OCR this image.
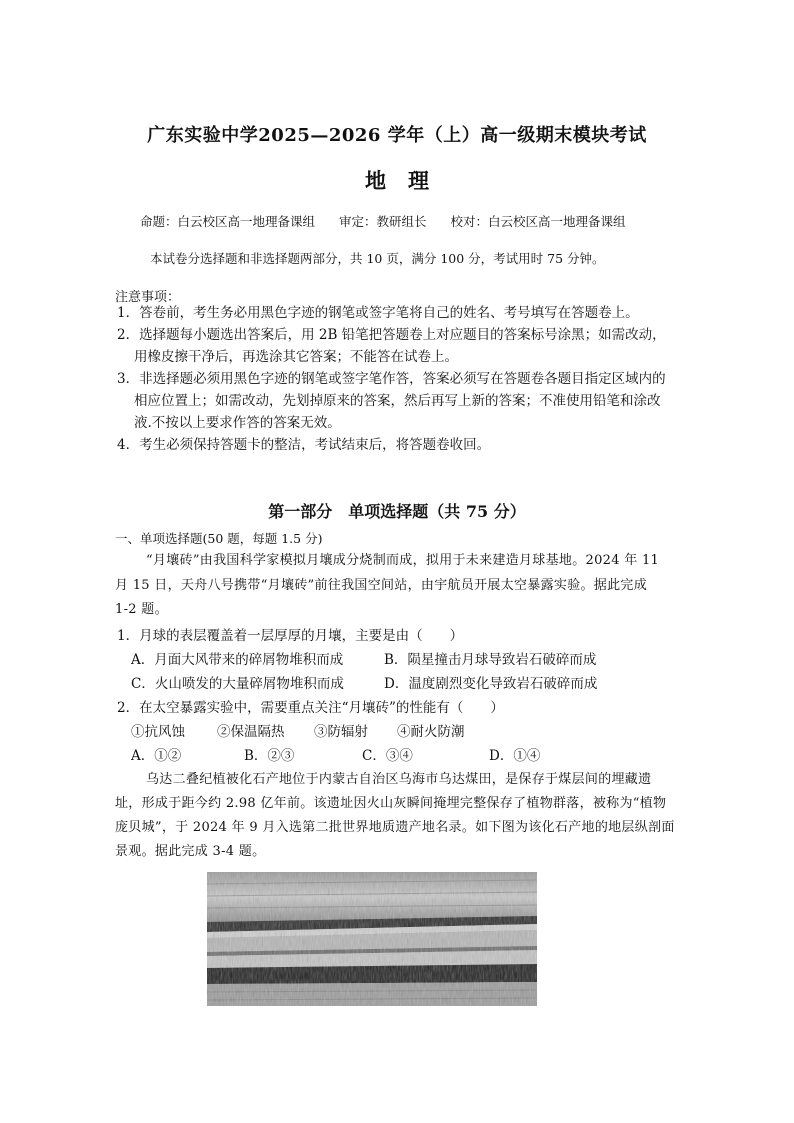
广东实验中学2025—2026 学年（上）高一级期末模块考试
地理
命题：白云校区高一地理备课组 审定：教研组长 校对：白云校区高一地理备课组
本试卷分选择题和非选择题两部分，共 10 页，满分 100 分，考试用时 75 分钟。
注意事项：
1．答卷前，考生务必用黑色字迹的钢笔或签字笔将自己的姓名、考号填写在答题卷上。
2．选择题每小题选出答案后，用 2B 铅笔把答题卷上对应题目的答案标号涂黑；如需改动，
用橡皮擦干净后，再选涂其它答案；不能答在试卷上。
3．非选择题必须用黑色字迹的钢笔或签字笔作答，答案必须写在答题卷各题目指定区域内的
相应位置上；如需改动，先划掉原来的答案，然后再写上新的答案；不准使用铅笔和涂改
液.不按以上要求作答的答案无效。
4．考生必须保持答题卡的整洁，考试结束后，将答题卷收回。
第一部分　单项选择题（共 75 分）
一、单项选择题(50 题，每题 1.5 分)
“月壤砖”由我国科学家模拟月壤成分烧制而成，拟用于未来建造月球基地。2024 年 11
月 15 日，天舟八号携带“月壤砖”前往我国空间站，由宇航员开展太空暴露实验。据此完成
1-2 题。
1．月球的表层覆盖着一层厚厚的月壤，主要是由（　　）
A．月面大风带来的碎屑物堆积而成	B．陨星撞击月球导致岩石破碎而成
C．火山喷发的大量碎屑物堆积而成	D．温度剧烈变化导致岩石破碎而成
2．在太空暴露实验中，需要重点关注“月壤砖”的性能有（　　）
①抗风蚀 ②保温隔热 ③防辐射 ④耐火防潮
A．①②	B．②③	C．③④	D．①④
乌达二叠纪植被化石产地位于内蒙古自治区乌海市乌达煤田，是保存于煤层间的埋藏遗
址，形成于距今约 2.98 亿年前。该遗址因火山灰瞬间掩埋完整保存了植物群落，被称为“植物
庞贝城”，于 2024 年 9 月入选第二批世界地质遗产地名录。如下图为该化石产地的地层纵剖面
景观。据此完成 3-4 题。
